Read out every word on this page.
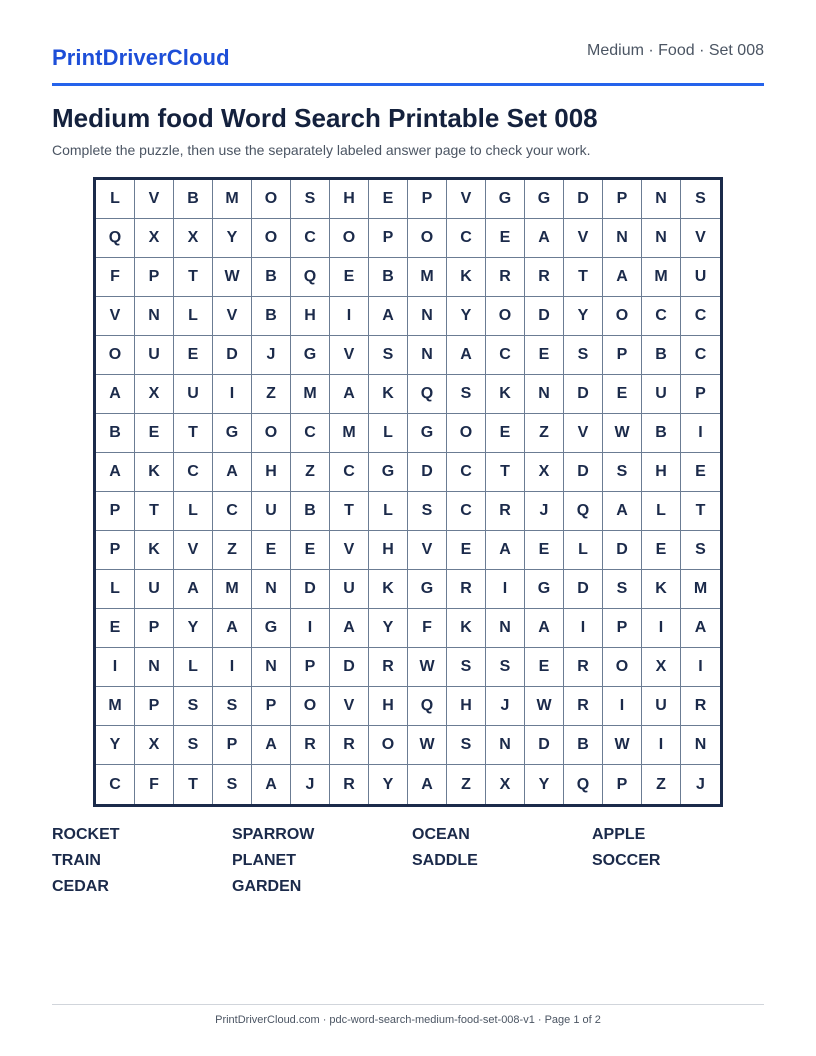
PrintDriverCloud	Medium · Food · Set 008
Medium food Word Search Printable Set 008
Complete the puzzle, then use the separately labeled answer page to check your work.
L	V	B	M	O	S	H	E	P	V	G	G	D	P	N	S
Q	X	X	Y	O	C	O	P	O	C	E	A	V	N	N	V
F	P	T	W	B	Q	E	B	M	K	R	R	T	A	M	U
V	N	L	V	B	H	I	A	N	Y	O	D	Y	O	C	C
O	U	E	D	J	G	V	S	N	A	C	E	S	P	B	C
A	X	U	I	Z	M	A	K	Q	S	K	N	D	E	U	P
B	E	T	G	O	C	M	L	G	O	E	Z	V	W	B	I
A	K	C	A	H	Z	C	G	D	C	T	X	D	S	H	E
P	T	L	C	U	B	T	L	S	C	R	J	Q	A	L	T
P	K	V	Z	E	E	V	H	V	E	A	E	L	D	E	S
L	U	A	M	N	D	U	K	G	R	I	G	D	S	K	M
E	P	Y	A	G	I	A	Y	F	K	N	A	I	P	I	A
I	N	L	I	N	P	D	R	W	S	S	E	R	O	X	I
M	P	S	S	P	O	V	H	Q	H	J	W	R	I	U	R
Y	X	S	P	A	R	R	O	W	S	N	D	B	W	I	N
C	F	T	S	A	J	R	Y	A	Z	X	Y	Q	P	Z	J
ROCKET	SPARROW	OCEAN	APPLE
TRAIN	PLANET	SADDLE	SOCCER
CEDAR	GARDEN
PrintDriverCloud.com · pdc-word-search-medium-food-set-008-v1 · Page 1 of 2
